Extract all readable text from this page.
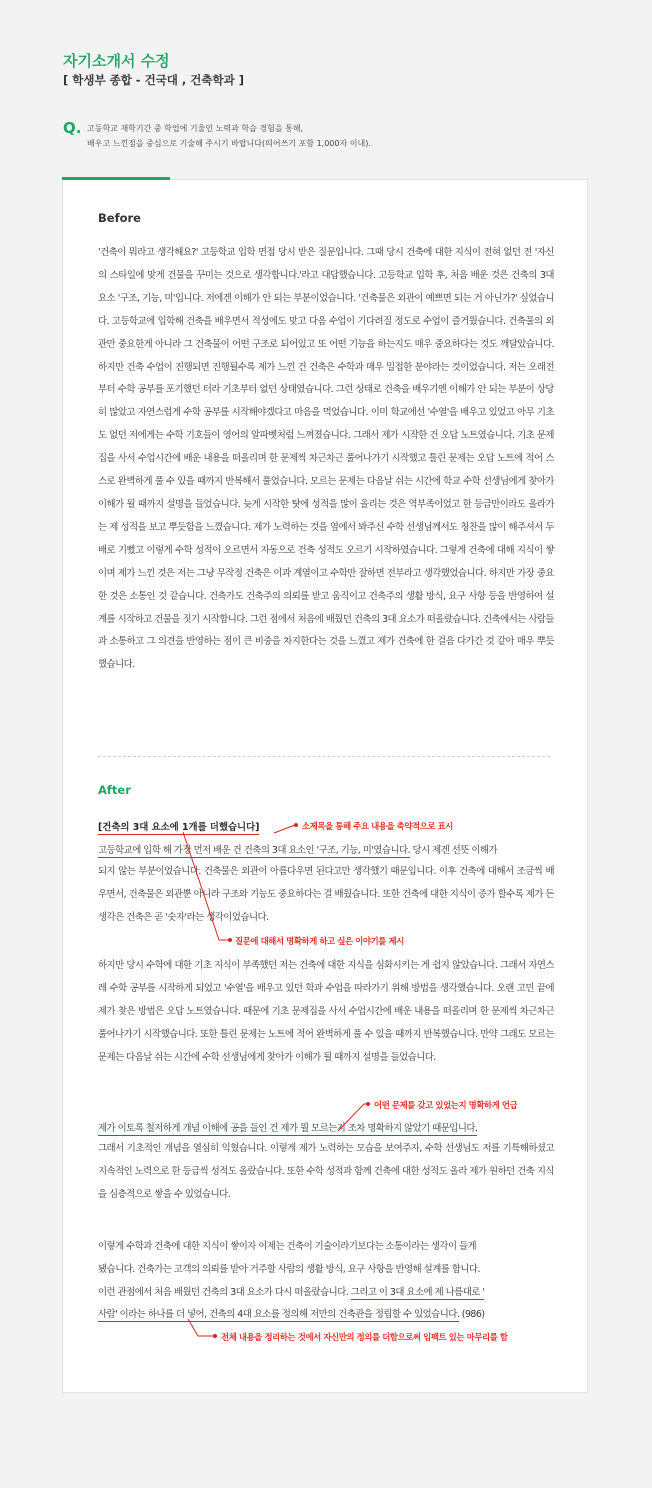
자기소개서 수정

[ 학생부 종합 - 건국대 , 건축학과 ]

Q. 고등학교 재학기간 중 학업에 기울인 노력과 학습 경험을 통해,
배우고 느낀점을 중심으로 기술해 주시기 바랍니다(띄어쓰기 포함 1,000자 이내).
Before

'건축이 뭐라고 생각해요?' 고등학교 입학 면접 당시 받은 질문입니다. 그때 당시 건축에 대한 지식이 전혀 없던 전 '자신의 스타일에 맞게 건물을 꾸미는 것으로 생각합니다.'라고 대답했습니다. 고등학교 입학 후, 처음 배운 것은 건축의 3대 요소 '구조, 기능, 미'입니다. 저에겐 이해가 안 되는 부분이었습니다. '건축물은 외관이 예쁘면 되는 거 아닌가?' 싶었습니다. 고등학교에 입학해 건축을 배우면서 적성에도 맞고 다음 수업이 기다려질 정도로 수업이 즐거웠습니다. 건축물의 외관만 중요한게 아니라 그 건축물이 어떤 구조로 되어있고 또 어떤 기능을 하는지도 매우 중요하다는 것도 깨달았습니다.하지만 건축 수업이 진행되면 진행될수록 제가 느낀 건 건축은 수학과 매우 밀접한 분야라는 것이었습니다. 저는 오래전부터 수학 공부를 포기했던 터라 기초부터 없던 상태였습니다. 그런 상태로 건축을 배우기엔 이해가 안 되는 부분이 상당히 많았고 자연스럽게 수학 공부를 시작해야겠다고 마음을 먹었습니다. 이미 학교에선 '수열'을 배우고 있었고 아무 기초도 없던 저에게는 수학 기호들이 영어의 알파벳처럼 느껴졌습니다. 그래서 제가 시작한 건 오답 노트였습니다. 기초 문제집을 사서 수업시간에 배운 내용을 떠올리며 한 문제씩 차근차근 풀어나가기 시작했고 틀린 문제는 오답 노트에 적어 스스로 완벽하게 풀 수 있을 때까지 반복해서 풀었습니다. 모르는 문제는 다음날 쉬는 시간에 학교 수학 선생님에게 찾아가 이해가 될 때까지 설명을 들었습니다. 늦게 시작한 탓에 성적을 많이 올리는 것은 역부족이었고 한 등급만이라도 올라가는 제 성적을 보고 뿌듯함을 느꼈습니다. 제가 노력하는 것을 옆에서 봐주신 수학 선생님께서도 칭찬을 많이 해주셔서 두 배로 기뻤고 이렇게 수학 성적이 오르면서 자동으로 건축 성적도 오르기 시작하였습니다. 그렇게 건축에 대해 지식이 쌓이며 제가 느낀 것은 저는 그냥 무작정 건축은 이과 계열이고 수학만 잘하면 전부라고 생각했었습니다. 하지만 가장 중요한 것은 소통인 것 같습니다. 건축가도 건축주의 의뢰를 받고 움직이고 건축주의 생활 방식, 요구 사항 등을 반영하여 설계를 시작하고 건물을 짓기 시작합니다. 그런 점에서 처음에 배웠던 건축의 3대 요소가 떠올랐습니다. 건축에서는 사람들과 소통하고 그 의견을 반영하는 점이 큰 비중을 차지한다는 것을 느꼈고 제가 건축에 한 걸음 다가간 것 같아 매우 뿌듯했습니다.

After
[건축의 3대 요소에 1개를 더했습니다]

고등학교에 입학 해 가장 먼저 배운 건 건축의 3대 요소인 '구조, 기능, 미'였습니다. 당시 제겐 선뜻 이해가

되지 않는 부분이었습니다. 건축물은 외관이 아름다우면 된다고만 생각했기 때문입니다. 이후 건축에 대해서 조금씩 배우면서, 건축물은 외관뿐 아니라 구조와 기능도 중요하다는 걸 배웠습니다. 또한 건축에 대한 지식이 증가 할수록 제가 든 생각은 건축은 곧 '숫자'라는 생각이었습니다.

하지만 당시 수학에 대한 기초 지식이 부족했던 저는 건축에 대한 지식을 심화시키는 게 쉽지 않았습니다. 그래서 자연스레 수학 공부를 시작하게 되었고 '수열'을 배우고 있던 학과 수업을 따라가기 위해 방법을 생각했습니다. 오랜 고민 끝에 제가 찾은 방법은 오답 노트였습니다. 때문에 기초 문제집을 사서 수업시간에 배운 내용을 떠올리며 한 문제씩 차근차근 풀어나가기 시작했습니다. 또한 틀린 문제는 노트에 적어 완벽하게 풀 수 있을 때까지 반복했습니다. 만약 그래도 모르는 문제는 다음날 쉬는 시간에 수학 선생님에게 찾아가 이해가 될 때까지 설명을 들었습니다.

제가 이토록 철저하게 개념 이해에 공을 들인 건 제가 뭘 모르는지 조차 명확하지 않았기 때문입니다.

그래서 기초적인 개념을 열심히 익혔습니다. 이렇게 제가 노력하는 모습을 보여주자, 수학 선생님도 저를 기특해하셨고 지속적인 노력으로 한 등급씩 성적도 올랐습니다. 또한 수학 성적과 함께 건축에 대한 성적도 올라 제가 원하던 건축 지식을 심층적으로 쌓을 수 있었습니다.

이렇게 수학과 건축에 대한 지식이 쌓이자 이제는 건축이 기술이라기보다는 소통이라는 생각이 들게

됐습니다. 건축가는 고객의 의뢰를 받아 거주할 사람의 생활 방식, 요구 사항을 반영해 설계를 합니다.

이런 관점에서 처음 배웠던 건축의 3대 요소가 다시 떠올랐습니다. 그리고 이 3대 요소에 제 나름대로 '

사람' 이라는 하나를 더 넣어, 건축의 4대 요소를 정의해 저만의 건축관을 정립할 수 있었습니다. (986)

소제목을 통해 주요 내용을 축약적으로 표시
질문에 대해서 명확하게 하고 싶은 이야기를 제시
어떤 문제를 갖고 있었는지 명확하게 언급
전체 내용을 정리하는 것에서 자신만의 정의를 더함으로써 임팩트 있는 마무리를 함
